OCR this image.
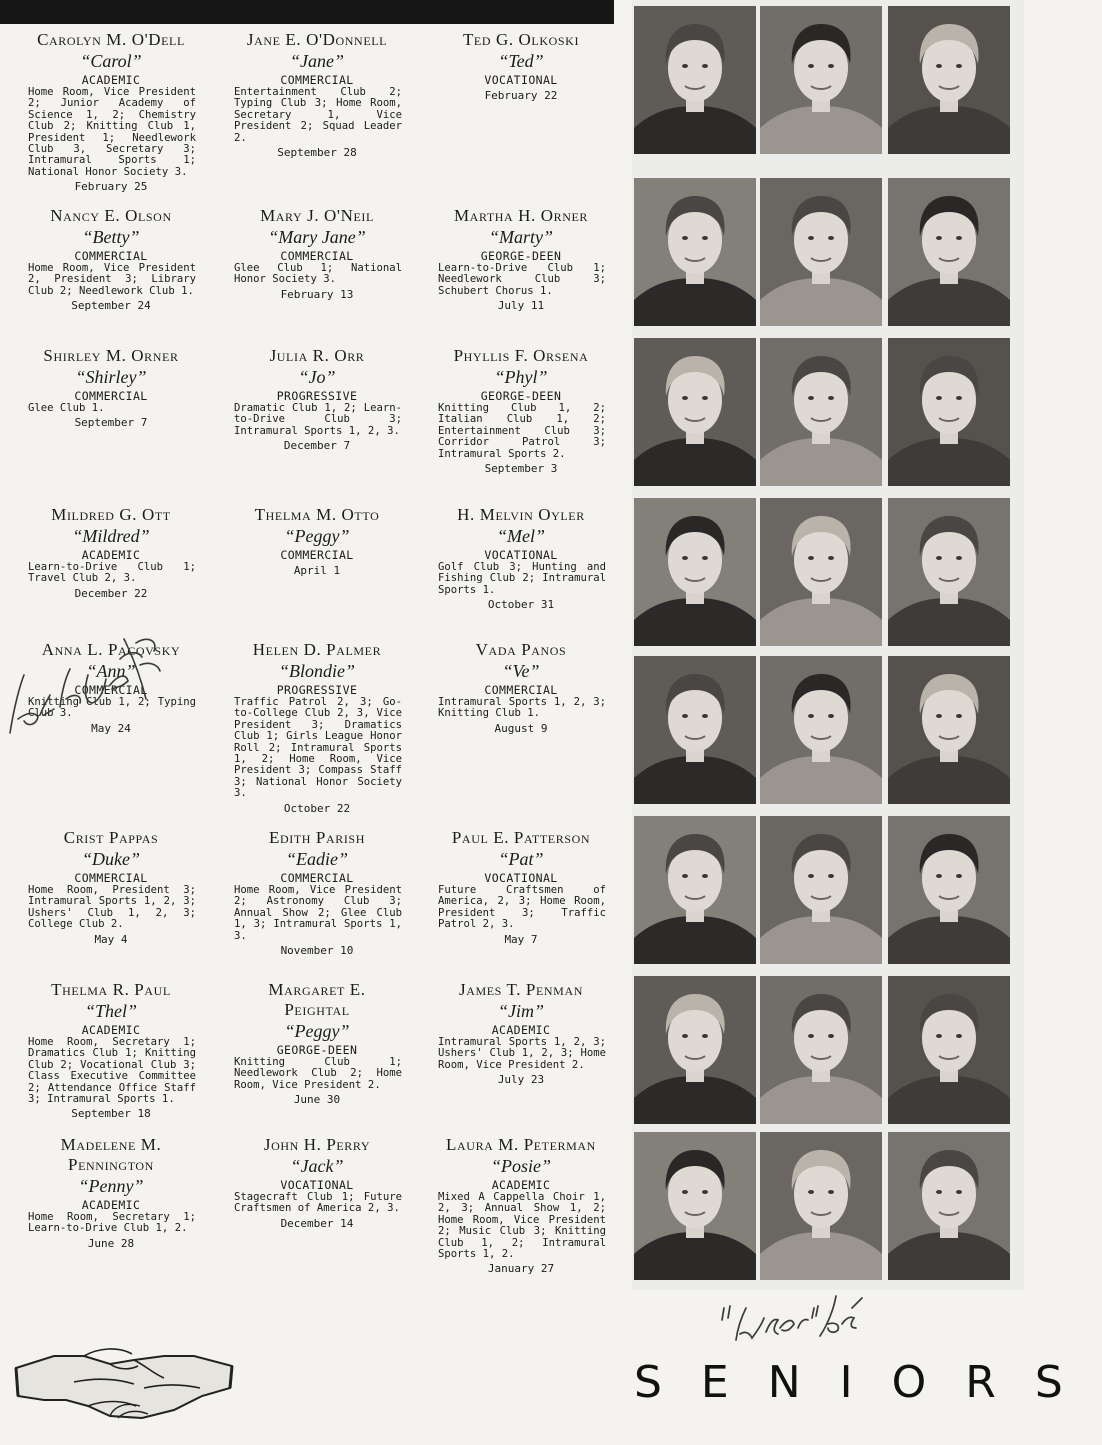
Carolyn M. O'Dell
“Carol”
ACADEMIC
Home Room, Vice President 2; Junior Academy of Science 1, 2; Chemistry Club 2; Knitting Club 1, President 1; Needlework Club 3, Secretary 3; Intramural Sports 1; National Honor Society 3.
February 25
Jane E. O'Donnell
“Jane”
COMMERCIAL
Entertainment Club 2; Typing Club 3; Home Room, Secretary 1, Vice President 2; Squad Leader 2.
September 28
Ted G. Olkoski
“Ted”
VOCATIONAL
February 22
Nancy E. Olson
“Betty”
COMMERCIAL
Home Room, Vice President 2, President 3; Library Club 2; Needlework Club 1.
September 24
Mary J. O'Neil
“Mary Jane”
COMMERCIAL
Glee Club 1; National Honor Society 3.
February 13
Martha H. Orner
“Marty”
GEORGE-DEEN
Learn-to-Drive Club 1; Needlework Club 3; Schubert Chorus 1.
July 11
Shirley M. Orner
“Shirley”
COMMERCIAL
Glee Club 1.
September 7
Julia R. Orr
“Jo”
PROGRESSIVE
Dramatic Club 1, 2; Learn-to-Drive Club 3; Intramural Sports 1, 2, 3.
December 7
Phyllis F. Orsena
“Phyl”
GEORGE-DEEN
Knitting Club 1, 2; Italian Club 1, 2; Entertainment Club 3; Corridor Patrol 3; Intramural Sports 2.
September 3
Mildred G. Ott
“Mildred”
ACADEMIC
Learn-to-Drive Club 1; Travel Club 2, 3.
December 22
Thelma M. Otto
“Peggy”
COMMERCIAL
April 1
H. Melvin Oyler
“Mel”
VOCATIONAL
Golf Club 3; Hunting and Fishing Club 2; Intramural Sports 1.
October 31
Anna L. Pacovsky
“Ann”
COMMERCIAL
Knitting Club 1, 2; Typing Club 3.
May 24
Helen D. Palmer
“Blondie”
PROGRESSIVE
Traffic Patrol 2, 3; Go-to-College Club 2, 3, Vice President 3; Dramatics Club 1; Girls League Honor Roll 2; Intramural Sports 1, 2; Home Room, Vice President 3; Compass Staff 3; National Honor Society 3.
October 22
Vada Panos
“Ve”
COMMERCIAL
Intramural Sports 1, 2, 3; Knitting Club 1.
August 9
Crist Pappas
“Duke”
COMMERCIAL
Home Room, President 3; Intramural Sports 1, 2, 3; Ushers' Club 1, 2, 3; College Club 2.
May 4
Edith Parish
“Eadie”
COMMERCIAL
Home Room, Vice President 2; Astronomy Club 3; Annual Show 2; Glee Club 1, 3; Intramural Sports 1, 3.
November 10
Paul E. Patterson
“Pat”
VOCATIONAL
Future Craftsmen of America, 2, 3; Home Room, President 3; Traffic Patrol 2, 3.
May 7
Thelma R. Paul
“Thel”
ACADEMIC
Home Room, Secretary 1; Dramatics Club 1; Knitting Club 2; Vocational Club 3; Class Executive Committee 2; Attendance Office Staff 3; Intramural Sports 1.
September 18
Margaret E.
Peightal
“Peggy”
GEORGE-DEEN
Knitting Club 1; Needlework Club 2; Home Room, Vice President 2.
June 30
James T. Penman
“Jim”
ACADEMIC
Intramural Sports 1, 2, 3; Ushers' Club 1, 2, 3; Home Room, Vice President 2.
July 23
Madelene M.
Pennington
“Penny”
ACADEMIC
Home Room, Secretary 1; Learn-to-Drive Club 1, 2.
June 28
John H. Perry
“Jack”
VOCATIONAL
Stagecraft Club 1; Future Craftsmen of America 2, 3.
December 14
Laura M. Peterman
“Posie”
ACADEMIC
Mixed A Cappella Choir 1, 2, 3; Annual Show 1, 2; Home Room, Vice President 2; Music Club 3; Knitting Club 1, 2; Intramural Sports 1, 2.
January 27
SENIORS
